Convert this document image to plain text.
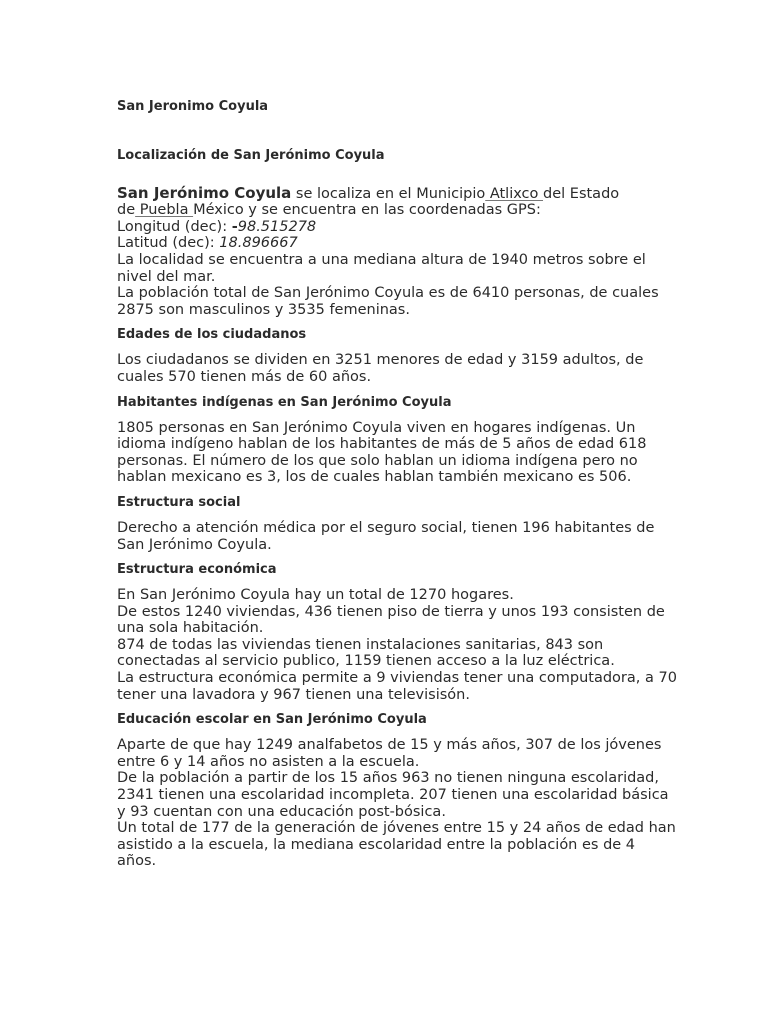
San Jeronimo Coyula
Localización de San Jerónimo Coyula

San Jerónimo Coyula se localiza en el Municipio Atlixco del Estado
de Puebla México y se encuentra en las coordenadas GPS:
Longitud (dec): -98.515278
Latitud (dec): 18.896667
La localidad se encuentra a una mediana altura de 1940 metros sobre el
nivel del mar.
La población total de San Jerónimo Coyula es de 6410 personas, de cuales
2875 son masculinos y 3535 femeninas.

Edades de los ciudadanos

Los ciudadanos se dividen en 3251 menores de edad y 3159 adultos, de
cuales 570 tienen más de 60 años.

Habitantes indígenas en San Jerónimo Coyula

1805 personas en San Jerónimo Coyula viven en hogares indígenas. Un
idioma indígeno hablan de los habitantes de más de 5 años de edad 618
personas. El número de los que solo hablan un idioma indígena pero no
hablan mexicano es 3, los de cuales hablan también mexicano es 506.

Estructura social

Derecho a atención médica por el seguro social, tienen 196 habitantes de
San Jerónimo Coyula.

Estructura económica

En San Jerónimo Coyula hay un total de 1270 hogares.
De estos 1240 viviendas, 436 tienen piso de tierra y unos 193 consisten de
una sola habitación.
874 de todas las viviendas tienen instalaciones sanitarias, 843 son
conectadas al servicio publico, 1159 tienen acceso a la luz eléctrica.
La estructura económica permite a 9 viviendas tener una computadora, a 70
tener una lavadora y 967 tienen una televisisón.

Educación escolar en San Jerónimo Coyula

Aparte de que hay 1249 analfabetos de 15 y más años, 307 de los jóvenes
entre 6 y 14 años no asisten a la escuela.
De la población a partir de los 15 años 963 no tienen ninguna escolaridad,
2341 tienen una escolaridad incompleta. 207 tienen una escolaridad básica
y 93 cuentan con una educación post-bósica.
Un total de 177 de la generación de jóvenes entre 15 y 24 años de edad han
asistido a la escuela, la mediana escolaridad entre la población es de 4 años.
